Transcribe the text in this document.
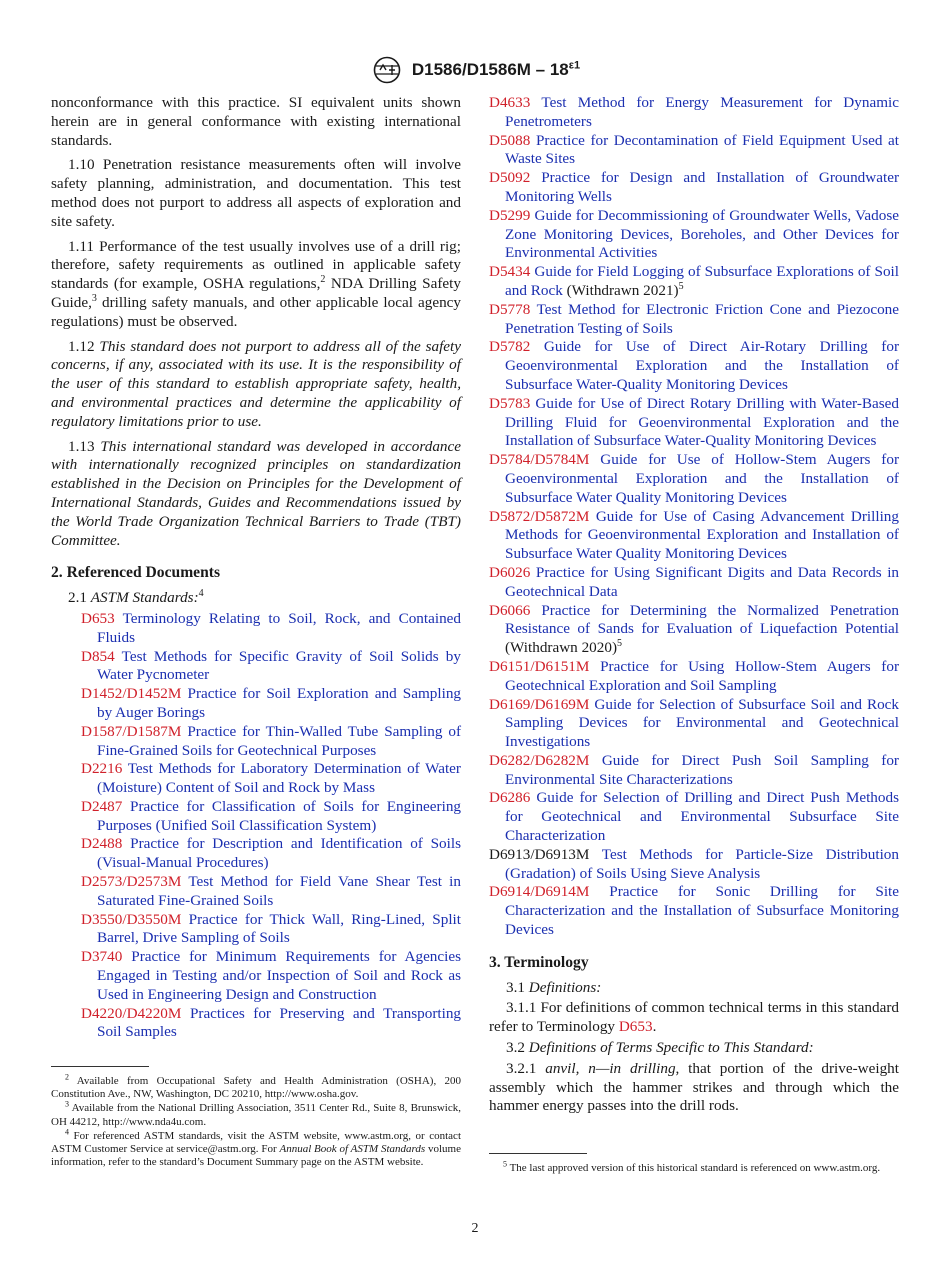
$D1586/D1586M - 18^{\varepsilon 1}$

nonconformance with this practice. SI equivalent units shown herein are in general conformance with existing international standards.

1.10 Penetration resistance measurements often will involve safety planning, administration, and documentation. This test method does not purport to address all aspects of exploration and site safety.

1.11 Performance of the test usually involves use of a drill rig; therefore, safety requirements as outlined in applicable safety standards (for example, OSHA regulations,$^2$ NDA Drilling Safety Guide,$^3$ drilling safety manuals, and other applicable local agency regulations) must be observed.

1.12 This standard does not purport to address all of the safety concerns, if any, associated with its use. It is the responsibility of the user of this standard to establish appropriate safety, health, and environmental practices and determine the applicability of regulatory limitations prior to use.

1.13 This international standard was developed in accordance with internationally recognized principles on standardization established in the Decision on Principles for the Development of International Standards, Guides and Recommendations issued by the World Trade Organization Technical Barriers to Trade (TBT) Committee.

2. Referenced Documents

2.1 ASTM Standards:$^4$

D653 Terminology Relating to Soil, Rock, and Contained Fluids

D854 Test Methods for Specific Gravity of Soil Solids by Water Pycnometer

D1452/D1452M Practice for Soil Exploration and Sampling by Auger Borings

D1587/D1587M Practice for Thin-Walled Tube Sampling of Fine-Grained Soils for Geotechnical Purposes

D2216 Test Methods for Laboratory Determination of Water (Moisture) Content of Soil and Rock by Mass

D2487 Practice for Classification of Soils for Engineering Purposes (Unified Soil Classification System)

D2488 Practice for Description and Identification of Soils (Visual-Manual Procedures)

D2573/D2573M Test Method for Field Vane Shear Test in Saturated Fine-Grained Soils

D3550/D3550M Practice for Thick Wall, Ring-Lined, Split Barrel, Drive Sampling of Soils

D3740 Practice for Minimum Requirements for Agencies Engaged in Testing and/or Inspection of Soil and Rock as Used in Engineering Design and Construction

D4220/D4220M Practices for Preserving and Transporting Soil Samples

$^2$ Available from Occupational Safety and Health Administration (OSHA), 200 Constitution Ave., NW, Washington, DC 20210, http://www.osha.gov.

$^3$ Available from the National Drilling Association, 3511 Center Rd., Suite 8, Brunswick, OH 44212, http://www.nda4u.com.

$^4$ For referenced ASTM standards, visit the ASTM website, www.astm.org, or contact ASTM Customer Service at service@astm.org. For Annual Book of ASTM Standards volume information, refer to the standard’s Document Summary page on the ASTM website.

D4633 Test Method for Energy Measurement for Dynamic Penetrometers

D5088 Practice for Decontamination of Field Equipment Used at Waste Sites

D5092 Practice for Design and Installation of Groundwater Monitoring Wells

D5299 Guide for Decommissioning of Groundwater Wells, Vadose Zone Monitoring Devices, Boreholes, and Other Devices for Environmental Activities

D5434 Guide for Field Logging of Subsurface Explorations of Soil and Rock (Withdrawn 2021)$^5$

D5778 Test Method for Electronic Friction Cone and Piezocone Penetration Testing of Soils

D5782 Guide for Use of Direct Air-Rotary Drilling for Geoenvironmental Exploration and the Installation of Subsurface Water-Quality Monitoring Devices

D5783 Guide for Use of Direct Rotary Drilling with Water-Based Drilling Fluid for Geoenvironmental Exploration and the Installation of Subsurface Water-Quality Monitoring Devices

D5784/D5784M Guide for Use of Hollow-Stem Augers for Geoenvironmental Exploration and the Installation of Subsurface Water Quality Monitoring Devices

D5872/D5872M Guide for Use of Casing Advancement Drilling Methods for Geoenvironmental Exploration and Installation of Subsurface Water Quality Monitoring Devices

D6026 Practice for Using Significant Digits and Data Records in Geotechnical Data

D6066 Practice for Determining the Normalized Penetration Resistance of Sands for Evaluation of Liquefaction Potential (Withdrawn 2020)$^5$

D6151/D6151M Practice for Using Hollow-Stem Augers for Geotechnical Exploration and Soil Sampling

D6169/D6169M Guide for Selection of Subsurface Soil and Rock Sampling Devices for Environmental and Geotechnical Investigations

D6282/D6282M Guide for Direct Push Soil Sampling for Environmental Site Characterizations

D6286 Guide for Selection of Drilling and Direct Push Methods for Geotechnical and Environmental Subsurface Site Characterization

D6913/D6913M Test Methods for Particle-Size Distribution (Gradation) of Soils Using Sieve Analysis

D6914/D6914M Practice for Sonic Drilling for Site Characterization and the Installation of Subsurface Monitoring Devices

3. Terminology

3.1 Definitions:

3.1.1 For definitions of common technical terms in this standard refer to Terminology D653.

3.2 Definitions of Terms Specific to This Standard:

3.2.1 anvil, n—in drilling, that portion of the drive-weight assembly which the hammer strikes and through which the hammer energy passes into the drill rods.

$^5$ The last approved version of this historical standard is referenced on www.astm.org.

2
